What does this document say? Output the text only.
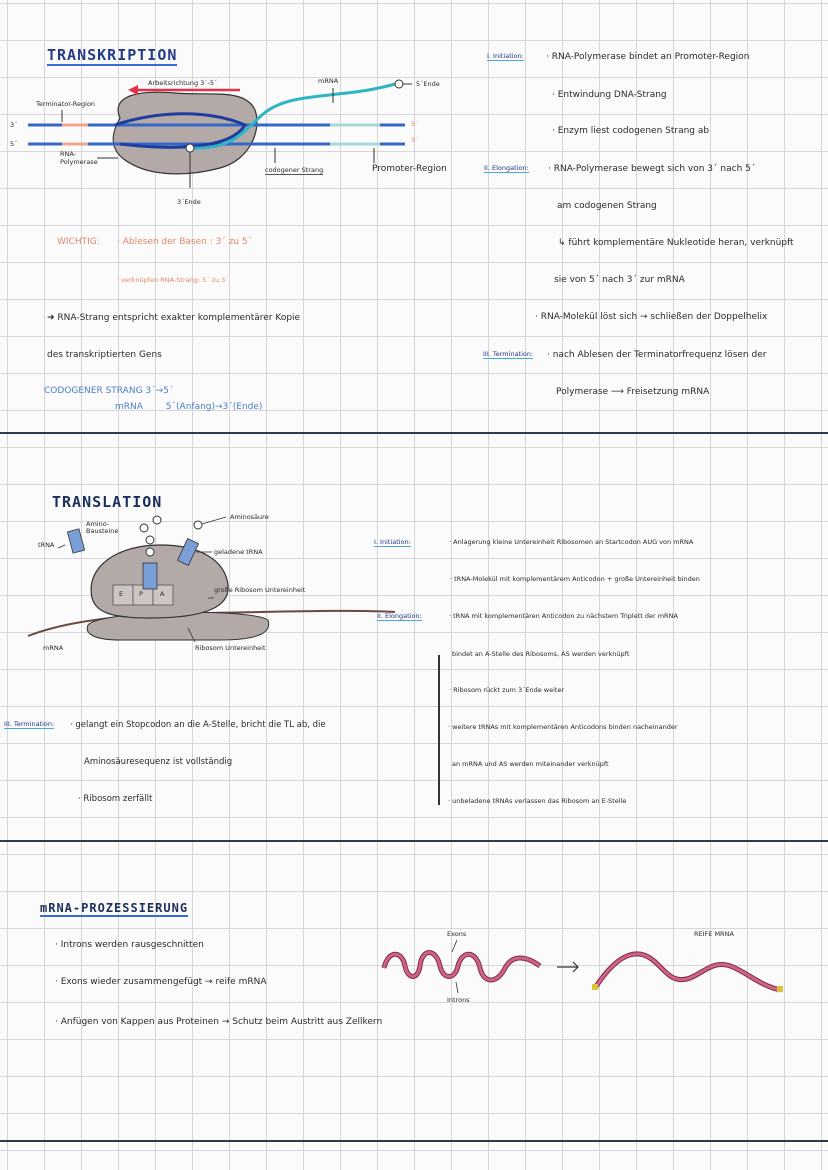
TRANSKRIPTION
Arbeitsrichtung 3´-5´	mRNA	5´Ende
Terminator-Region
RNA-
Polymerase
3´
5´
5´
3´
3´Ende
codogener Strang	Promoter-Region
WICHTIG: · Ablesen der Basen : 3´ zu 5´
· verknüpfen RNA-Strang: 5´ zu 3´
➜ RNA-Strang entspricht exakter komplementärer Kopie
des transkriptierten Gens
CODOGENER STRANG 3´→5´
mRNA        5´(Anfang)→3´(Ende)
I. Initiation: · RNA-Polymerase bindet an Promoter-Region
· Entwindung DNA-Strang
· Enzym liest codogenen Strang ab
II. Elongation: · RNA-Polymerase bewegt sich von 3´ nach 5´
am codogenen Strang
↳ führt komplementäre Nukleotide heran, verknüpft
sie von 5´ nach 3´ zur mRNA
· RNA-Molekül löst sich → schließen der Doppelhelix
III. Termination: · nach Ablesen der Terminatorfrequenz lösen der
Polymerase ⟶ Freisetzung mRNA
TRANSLATION
tRNA
Amino-
Bausteine
Aminosäure
geladene tRNA
große Ribosom Untereinheit
mRNA	Ribosom Untereinheit
E P	A
I. Initiation:	· Anlagerung kleine Untereinheit Ribosomen an Startcodon AUG von mRNA
· tRNA-Molekül mit komplementärem Anticodon + große Untereinheit binden
II. Elongation:	· tRNA mit komplementären Anticodon zu nächstem Triplett der mRNA
bindet an A-Stelle des Ribosoms, AS werden verknüpft
· Ribosom rückt zum 3´Ende weiter
· weitere tRNAs mit komplementären Anticodons binden nacheinander
an mRNA und AS werden miteinander verknüpft
· unbeladene tRNAs verlassen das Ribosom an E-Stelle
III. Termination: · gelangt ein Stopcodon an die A-Stelle, bricht die TL ab, die
Aminosäuresequenz ist vollständig
· Ribosom zerfällt
mRNA-PROZESSIERUNG
· Introns werden rausgeschnitten
· Exons wieder zusammengefügt → reife mRNA
· Anfügen von Kappen aus Proteinen → Schutz beim Austritt aus Zellkern
Exons
Introns
REIFE MRNA
